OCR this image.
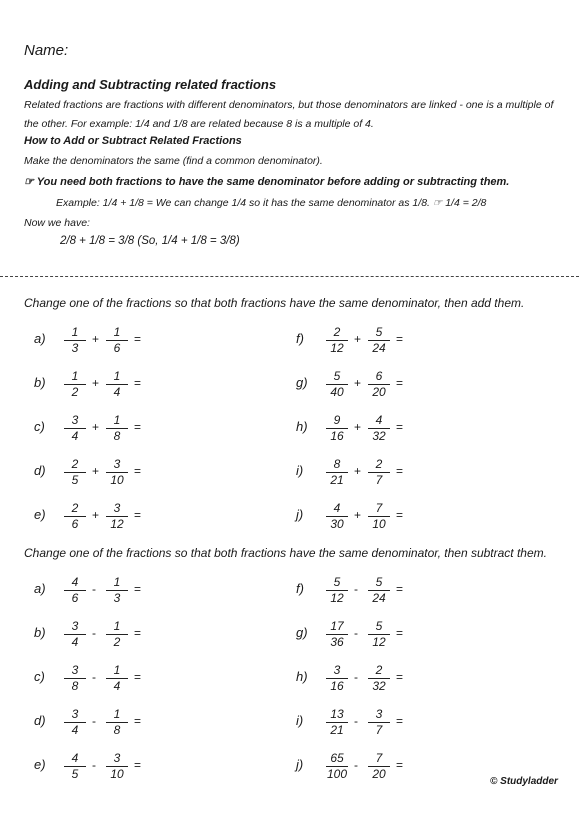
Name:
Adding and Subtracting related fractions
Related fractions are fractions with different denominators, but those denominators are linked - one is a multiple of the other. For example: 1/4 and 1/8 are related because 8 is a multiple of 4.
How to Add or Subtract Related Fractions
Make the denominators the same (find a common denominator).
☞ You need both fractions to have the same denominator before adding or subtracting them.
Example: 1/4 + 1/8 = We can change 1/4 so it has the same denominator as 1/8. ☞ 1/4 = 2/8
Now we have:
2/8 + 1/8 = 3/8 (So, 1/4 + 1/8 = 3/8)
Change one of the fractions so that both fractions have the same denominator, then add them.
Change one of the fractions so that both fractions have the same denominator, then subtract them.
a)	$\frac{1}{3} + \frac{1}{6}$ =
b)	$\frac{1}{2} + \frac{1}{4}$ =
c)	$\frac{3}{4} + \frac{1}{8}$ =
d)	$\frac{2}{5} + \frac{3}{10}$ =
e)	$\frac{2}{6} + \frac{3}{12}$ =
f)	$\frac{2}{12} + \frac{5}{24}$ =
g)	$\frac{5}{40} + \frac{6}{20}$ =
h)	$\frac{9}{16} + \frac{4}{32}$ =
i)	$\frac{8}{21} + \frac{2}{7}$ =
j)	$\frac{4}{30} + \frac{7}{10}$ =
a)	$\frac{4}{6} - \frac{1}{3}$ =
b)	$\frac{3}{4} - \frac{1}{2}$ =
c)	$\frac{3}{8} - \frac{1}{4}$ =
d)	$\frac{3}{4} - \frac{1}{8}$ =
e)	$\frac{4}{5} - \frac{3}{10}$ =
f)	$\frac{5}{12} - \frac{5}{24}$ =
g)	$\frac{17}{36} - \frac{5}{12}$ =
h)	$\frac{3}{16} - \frac{2}{32}$ =
i)	$\frac{13}{21} - \frac{3}{7}$ =
j)	$\frac{65}{100} - \frac{7}{20}$ =
© Studyladder
